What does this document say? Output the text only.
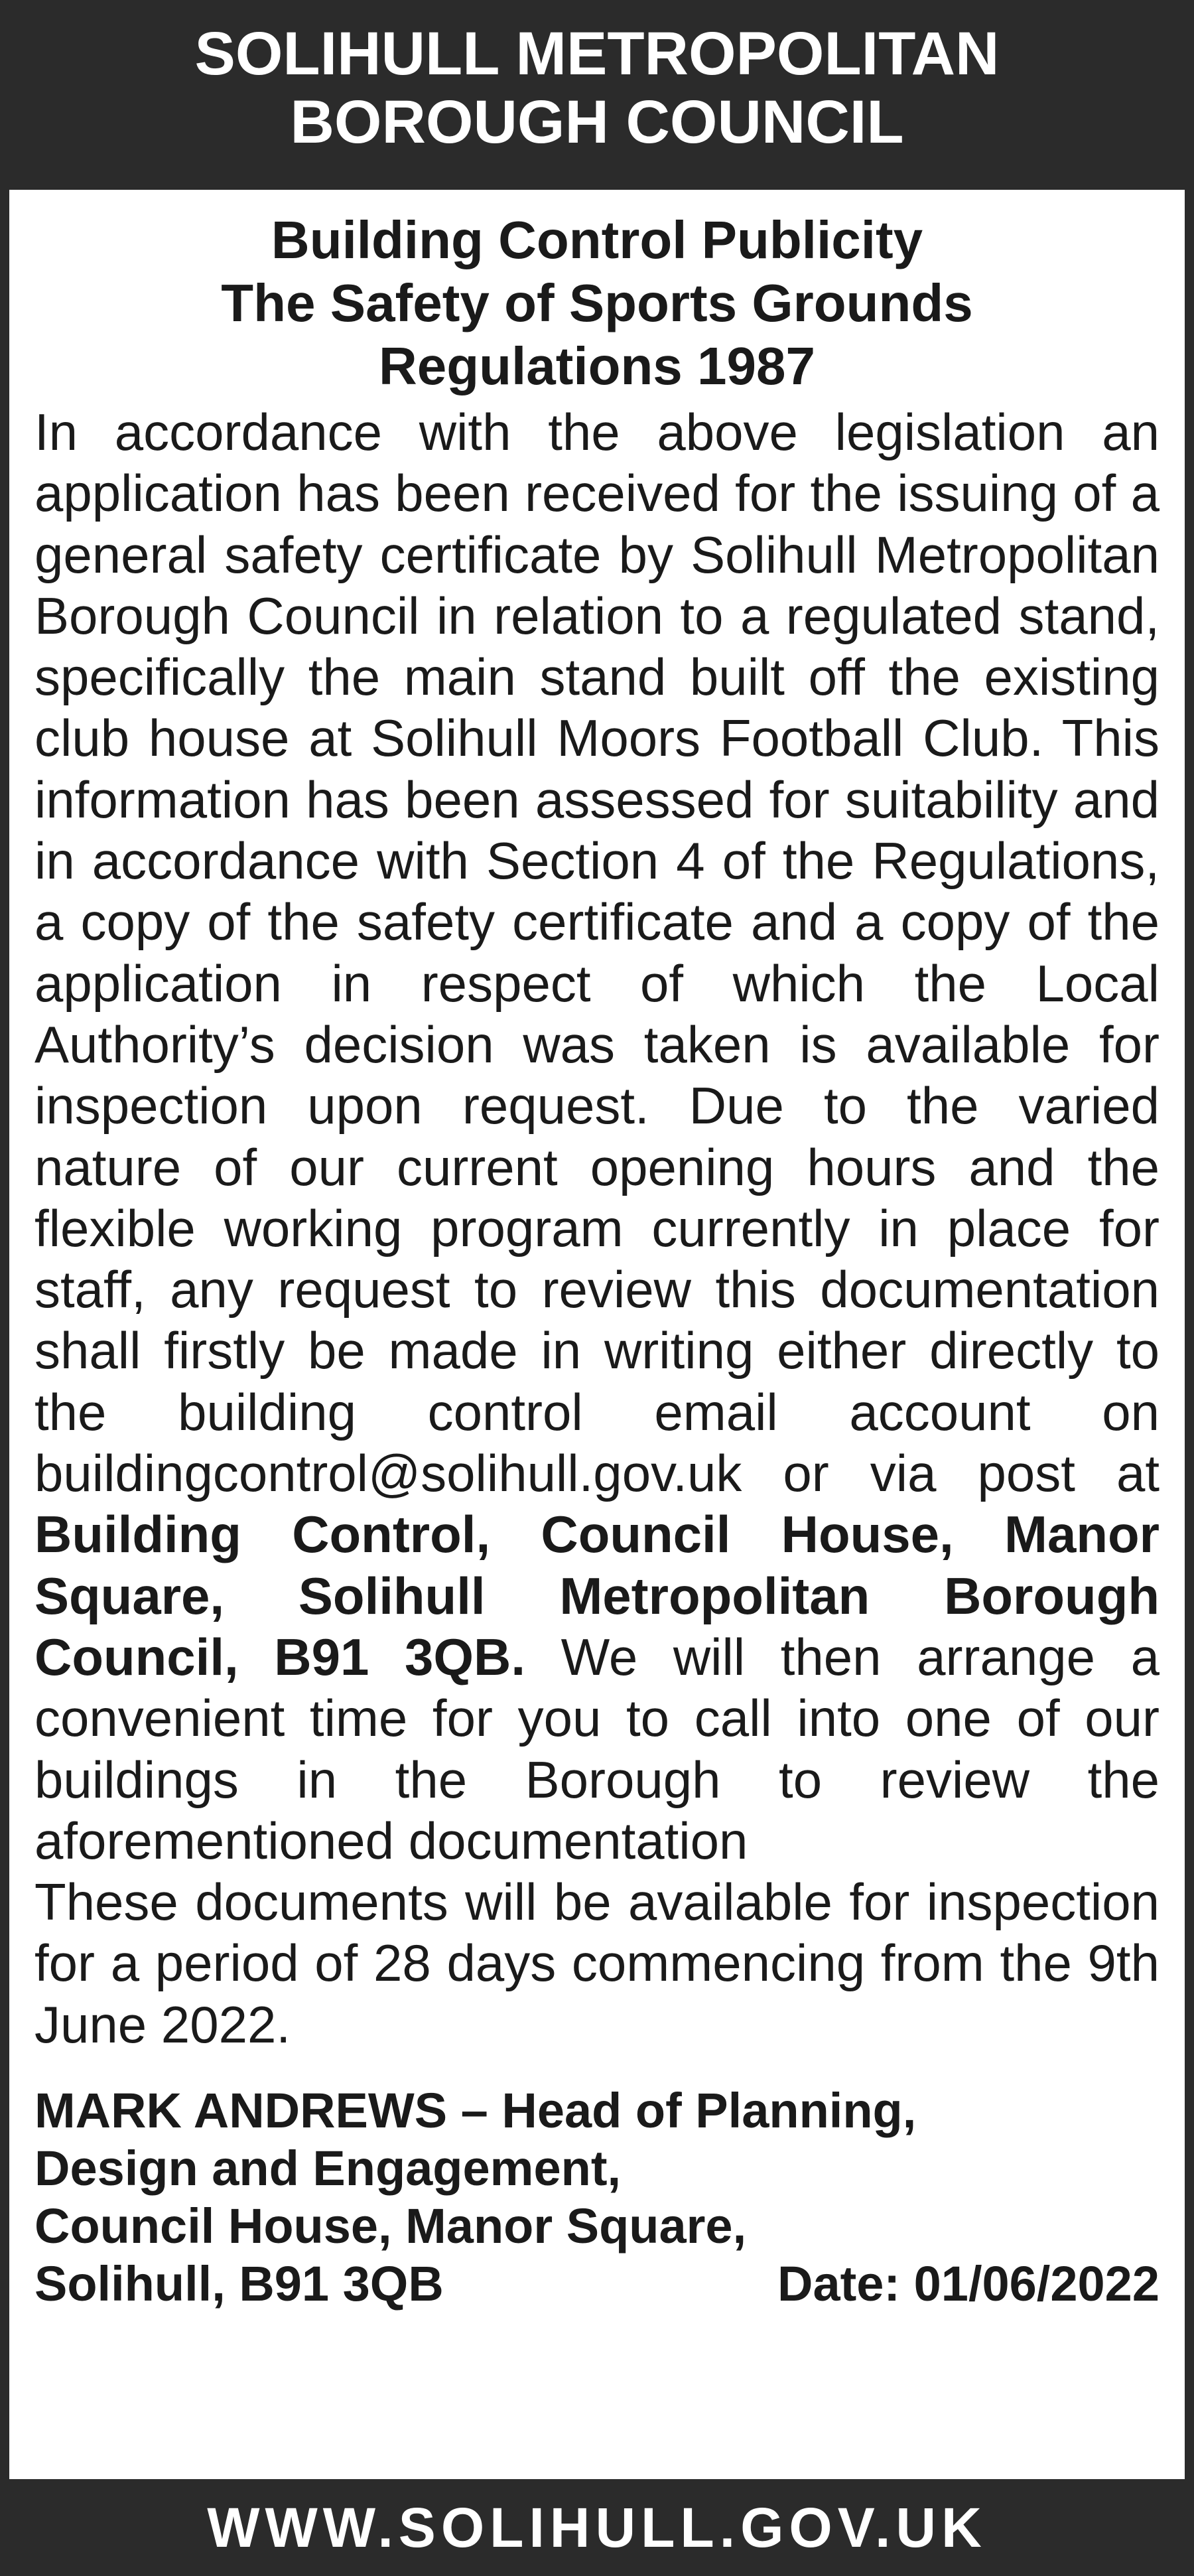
SOLIHULL METROPOLITAN
BOROUGH COUNCIL
Building Control Publicity
The Safety of Sports Grounds
Regulations 1987

In accordance with the above legislation an application has been received for the issuing of a general safety certificate by Solihull Metropolitan Borough Council in relation to a regulated stand, specifically the main stand built off the existing club house at Solihull Moors Football Club. This information has been assessed for suitability and in accordance with Section 4 of the Regulations, a copy of the safety certificate and a copy of the application in respect of which the Local Authority’s decision was taken is available for inspection upon request. Due to the varied nature of our current opening hours and the flexible working program currently in place for staff, any request to review this documentation shall firstly be made in writing either directly to the building control email account on buildingcontrol@solihull.gov.uk or via post at Building Control, Council House, Manor Square, Solihull Metropolitan Borough Council, B91 3QB. We will then arrange a convenient time for you to call into one of our buildings in the Borough to review the aforementioned documentation

These documents will be available for inspection for a period of 28 days commencing from the 9th June 2022.

MARK ANDREWS – Head of Planning,
Design and Engagement,
Council House, Manor Square,
Solihull, B91 3QB	Date: 01/06/2022
WWW.SOLIHULL.GOV.UK
